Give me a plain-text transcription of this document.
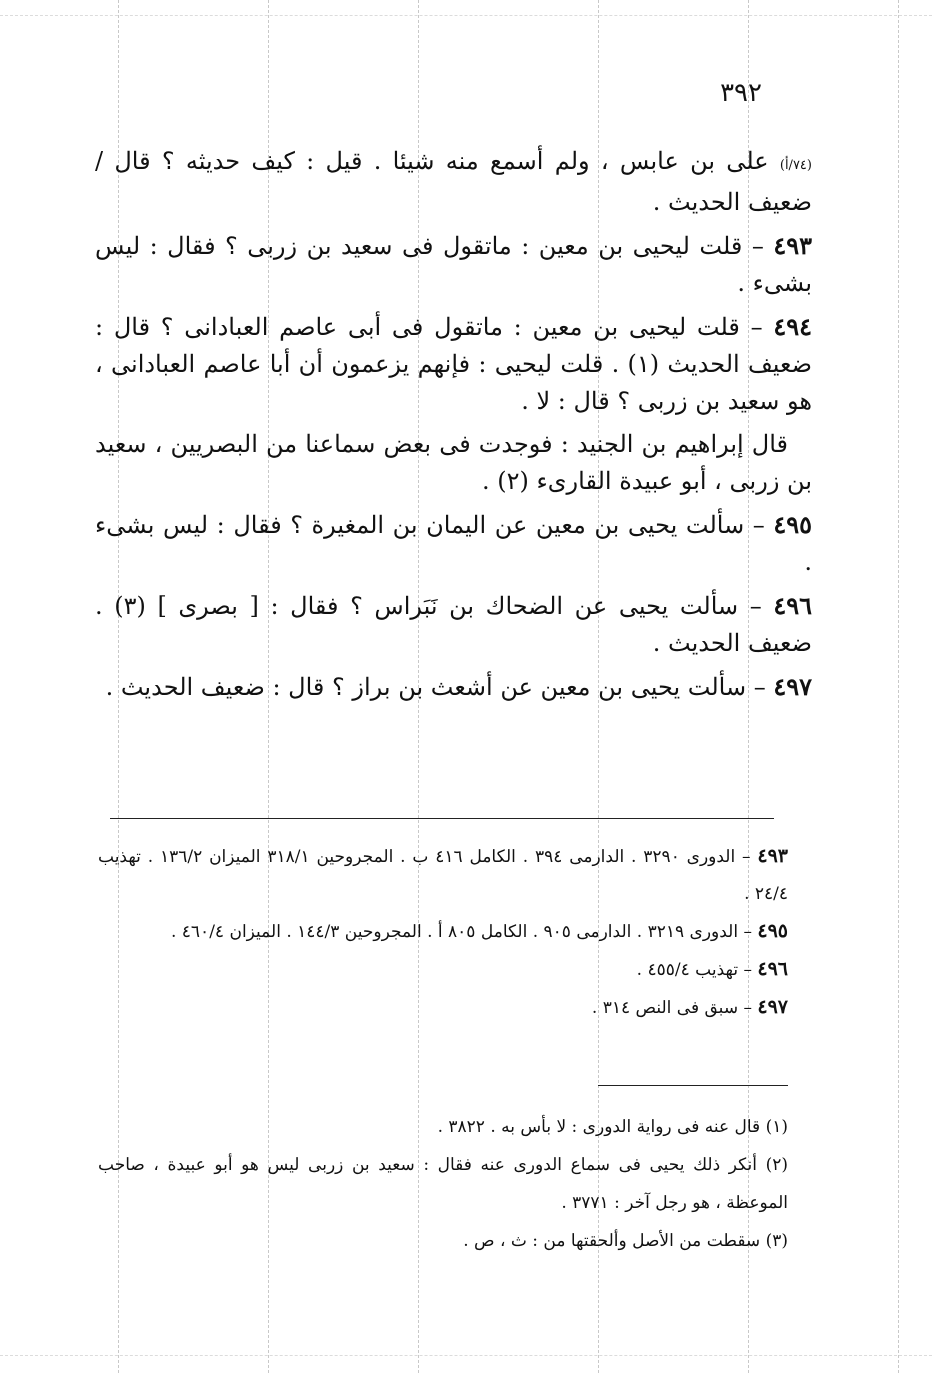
٣٩٢

(٧٤/أ) على بن عابس ، ولم أسمع منه شيئا . قيل : كيف حديثه ؟ قال / ضعيف الحديث .

٤٩٣ – قلت ليحيى بن معين : ماتقول فى سعيد بن زربى ؟ فقال : ليس بشىء .

٤٩٤ – قلت ليحيى بن معين : ماتقول فى أبى عاصم العبادانى ؟ قال : ضعيف الحديث (١) . قلت ليحيى : فإنهم يزعمون أن أبا عاصم العبادانى ، هو سعيد بن زربى ؟ قال : لا .

قال إبراهيم بن الجنيد : فوجدت فى بعض سماعنا من البصريين ، سعيد بن زربى ، أبو عبيدة القارىء (٢) .

٤٩٥ – سألت يحيى بن معين عن اليمان بن المغيرة ؟ فقال : ليس بشىء .

٤٩٦ – سألت يحيى عن الضحاك بن نَبَراس ؟ فقال : [ بصرى ] (٣) . ضعيف الحديث .

٤٩٧ – سألت يحيى بن معين عن أشعث بن براز ؟ قال : ضعيف الحديث .

٤٩٣ – الدورى ٣٢٩٠ . الدارمى ٣٩٤ . الكامل ٤١٦ ب . المجروحين ٣١٨/١ الميزان ١٣٦/٢ . تهذيب ٢٤/٤ .
٤٩٥ – الدورى ٣٢١٩ . الدارمى ٩٠٥ . الكامل ٨٠٥ أ . المجروحين ١٤٤/٣ . الميزان ٤٦٠/٤ .
٤٩٦ – تهذيب ٤٥٥/٤ .
٤٩٧ – سبق فى النص ٣١٤ .
(١) قال عنه فى رواية الدورى : لا بأس به . ٣٨٢٢ .
(٢) أنكر ذلك يحيى فى سماع الدورى عنه فقال : سعيد بن زربى ليس هو أبو عبيدة ، صاحب الموعظة ، هو رجل آخر : ٣٧٧١ .
(٣) سقطت من الأصل وألحقتها من : ث ، ص .
